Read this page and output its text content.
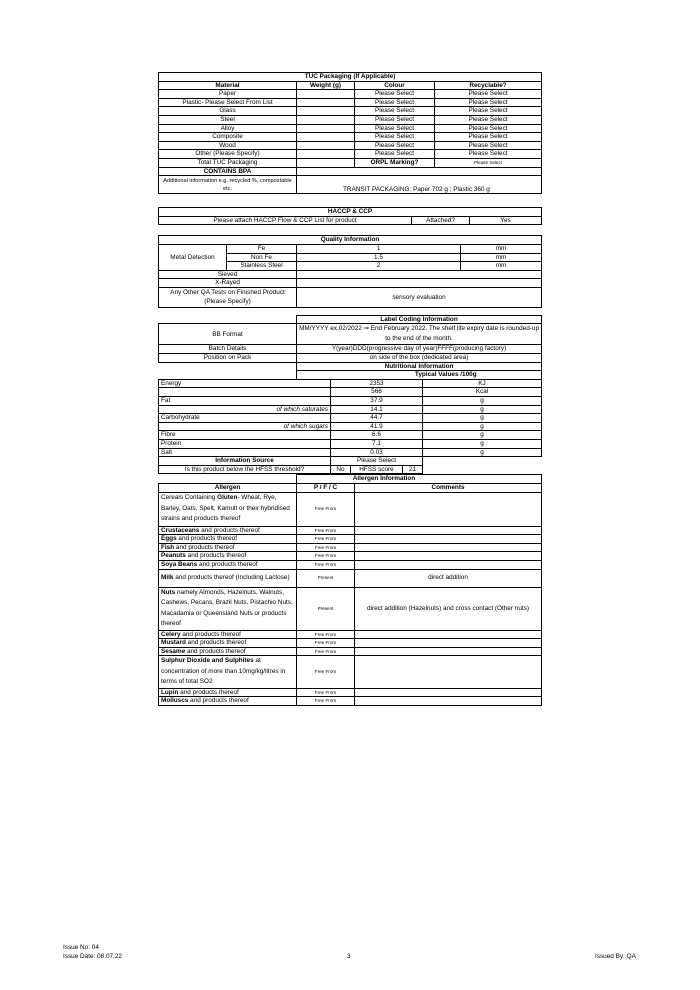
TUC Packaging (If Applicable)			
Material	Weight (g)	Colour	Recyclable?
Paper		Please Select	Please Select
Plastic- Please Select From List		Please Select	Please Select
Glass		Please Select	Please Select
Steel		Please Select	Please Select
Alloy		Please Select	Please Select
Composite		Please Select	Please Select
Wood		Please Select	Please Select
Other (Please Specify)		Please Select	Please Select
Total TUC Packaging		ORPL Marking?	Please Select
CONTAINS BPA			
Additional information e.g. recycled %, compostable etc.	TRANSIT PACKAGING: Paper 702 g ; Plastic 360 g		
HACCP & CCP
Please attach HACCP Flow & CCP List for product	Attached?	Yes
Quality Information			
Metal Detection	Fe	1	mm
	Non Fe	1.5	mm
	Stainless Steel	2	mm
Sieved			
X-Rayed			
Any Other QA Tests on Finished Product (Please Specify)		sensory evaluation	
	Label Coding Information				
BB Format	MM/YYYY ex.02/2022 ⇒ End February 2022. The shelf life expiry date is rounded-up to the end of the month.				
Batch Details	Y(year)DDD(progressive day of year)FFFF(producing factory)				
Position on Pack	on side of the box (dedicated area)				
	Nutritional Information				
			Typical Values /100g		
Energy		2353			KJ
		566			Kcal
Fat		37.9			g
of which saturates		14.1			g
Carbohydrate		44.7			g
of which sugars		41.9			g
Fibre		6.6			g
Protein		7.1			g
Salt		0.03			g
Information Source		Please Select			
Is this product below the HFSS threshold?		No	HFSS score	21	
	Allergen Information	
Allergen	P / F / C	Comments
Cereals Containing Gluten- Wheat, Rye, Barley, Oats, Spelt, Kamult or their hybridised strains and products thereof	Free From	
Crustaceans and products thereof	Free From	
Eggs and products thereof	Free From	
Fish and products thereof	Free From	
Peanuts and products thereof	Free From	
Soya Beans and products thereof	Free From	
Milk and products thereof (Including Lactose)	Present	direct addition
Nuts namely Almonds, Hazelnuts, Walnuts, Cashews, Pecans, Brazil Nuts, Pistachio Nuts, Macadamia or Queensland Nuts or products thereof	Present	direct addition (Hazelnuts) and cross contact (Other nuts)
Celery and products thereof	Free From	
Mustard and products thereof	Free From	
Sesame and products thereof	Free From	
Sulphur Dioxide and Sulphites at concentration of more than 10mg/kg/litres in terms of total SO2	Free From	
Lupin and products thereof	Free From	
Molluscs and products thereof	Free From	
Issue No: 04
Issue Date: 08.07.22	3	Issued By: QA
